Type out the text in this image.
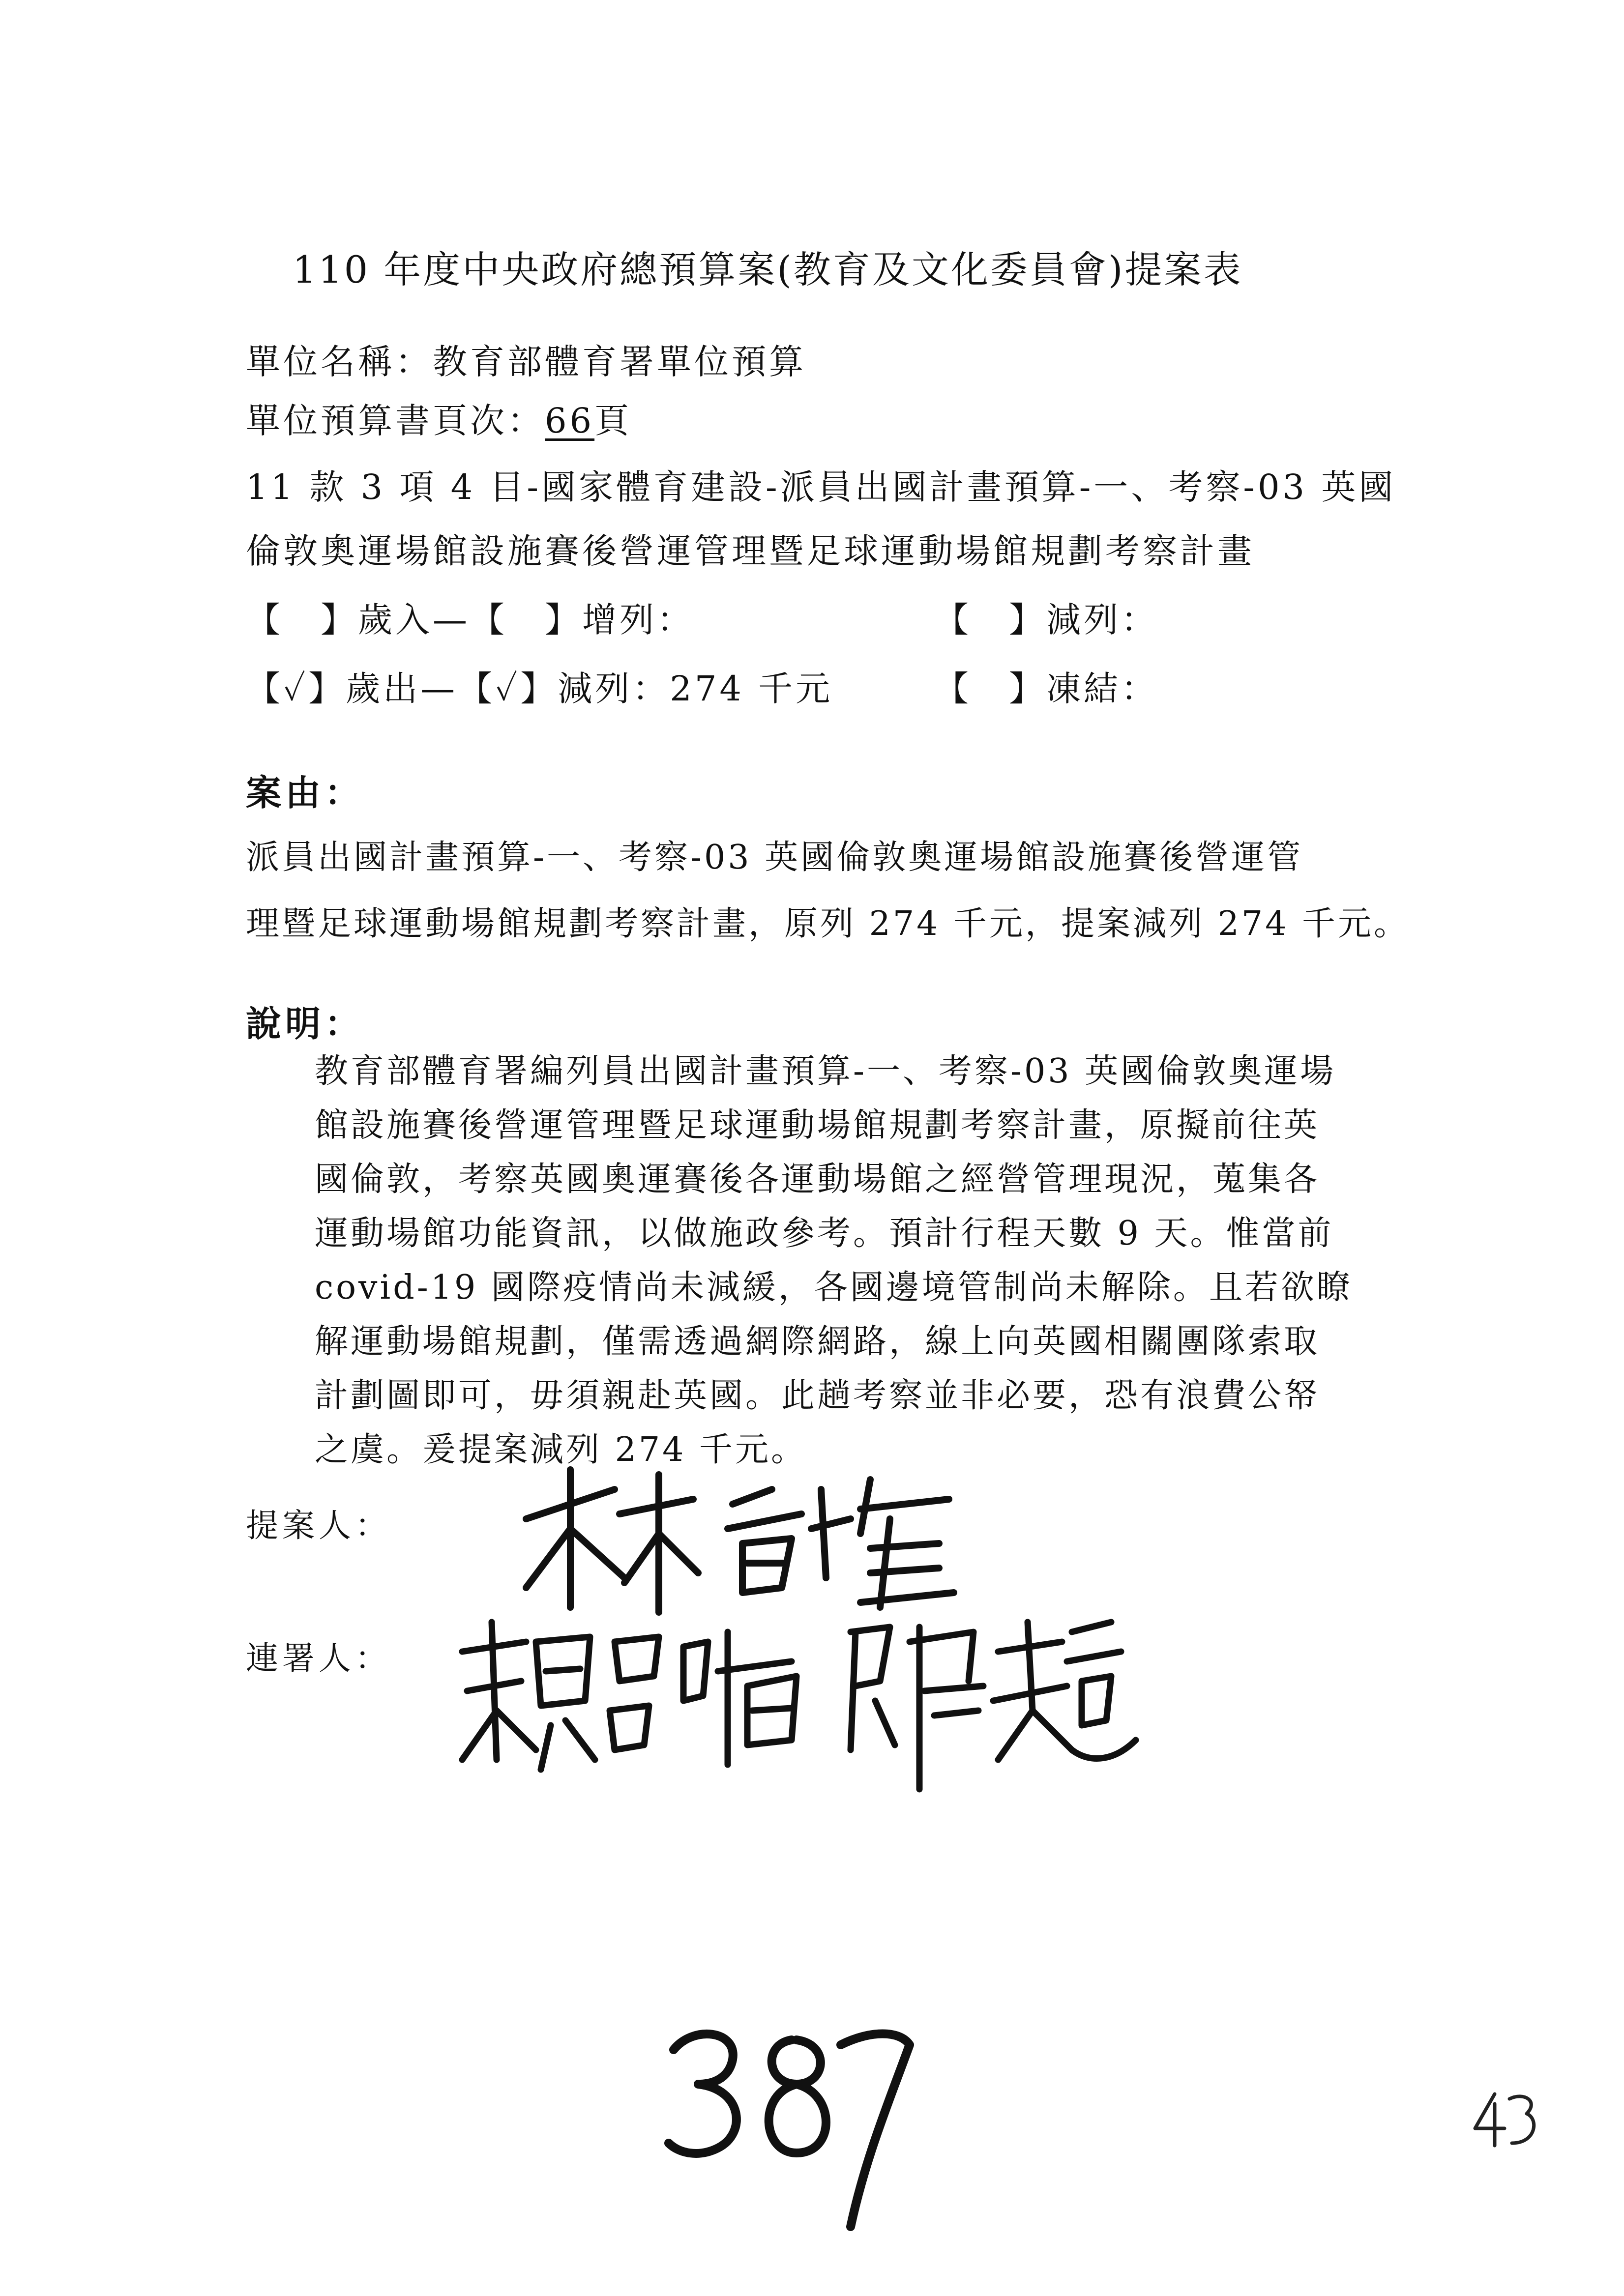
110 年度中央政府總預算案(教育及文化委員會)提案表
單位名稱：教育部體育署單位預算
單位預算書頁次：66頁
11 款 3 項 4 目-國家體育建設-派員出國計畫預算-一、考察-03 英國
倫敦奧運場館設施賽後營運管理暨足球運動場館規劃考察計畫
【　】歲入—【　】增列：	【　】減列：
【✓】歲出—【✓】減列：274 千元	【　】凍結：
案由：
派員出國計畫預算-一、考察-03 英國倫敦奧運場館設施賽後營運管
理暨足球運動場館規劃考察計畫，原列 274 千元，提案減列 274 千元。
說明：
教育部體育署編列員出國計畫預算-一、考察-03 英國倫敦奧運場
館設施賽後營運管理暨足球運動場館規劃考察計畫，原擬前往英
國倫敦，考察英國奧運賽後各運動場館之經營管理現況，蒐集各
運動場館功能資訊，以做施政參考。預計行程天數 9 天。惟當前
covid-19 國際疫情尚未減緩，各國邊境管制尚未解除。且若欲瞭
解運動場館規劃，僅需透過網際網路，線上向英國相關團隊索取
計劃圖即可，毋須親赴英國。此趟考察並非必要，恐有浪費公帑
之虞。爰提案減列 274 千元。
提案人：
連署人：
